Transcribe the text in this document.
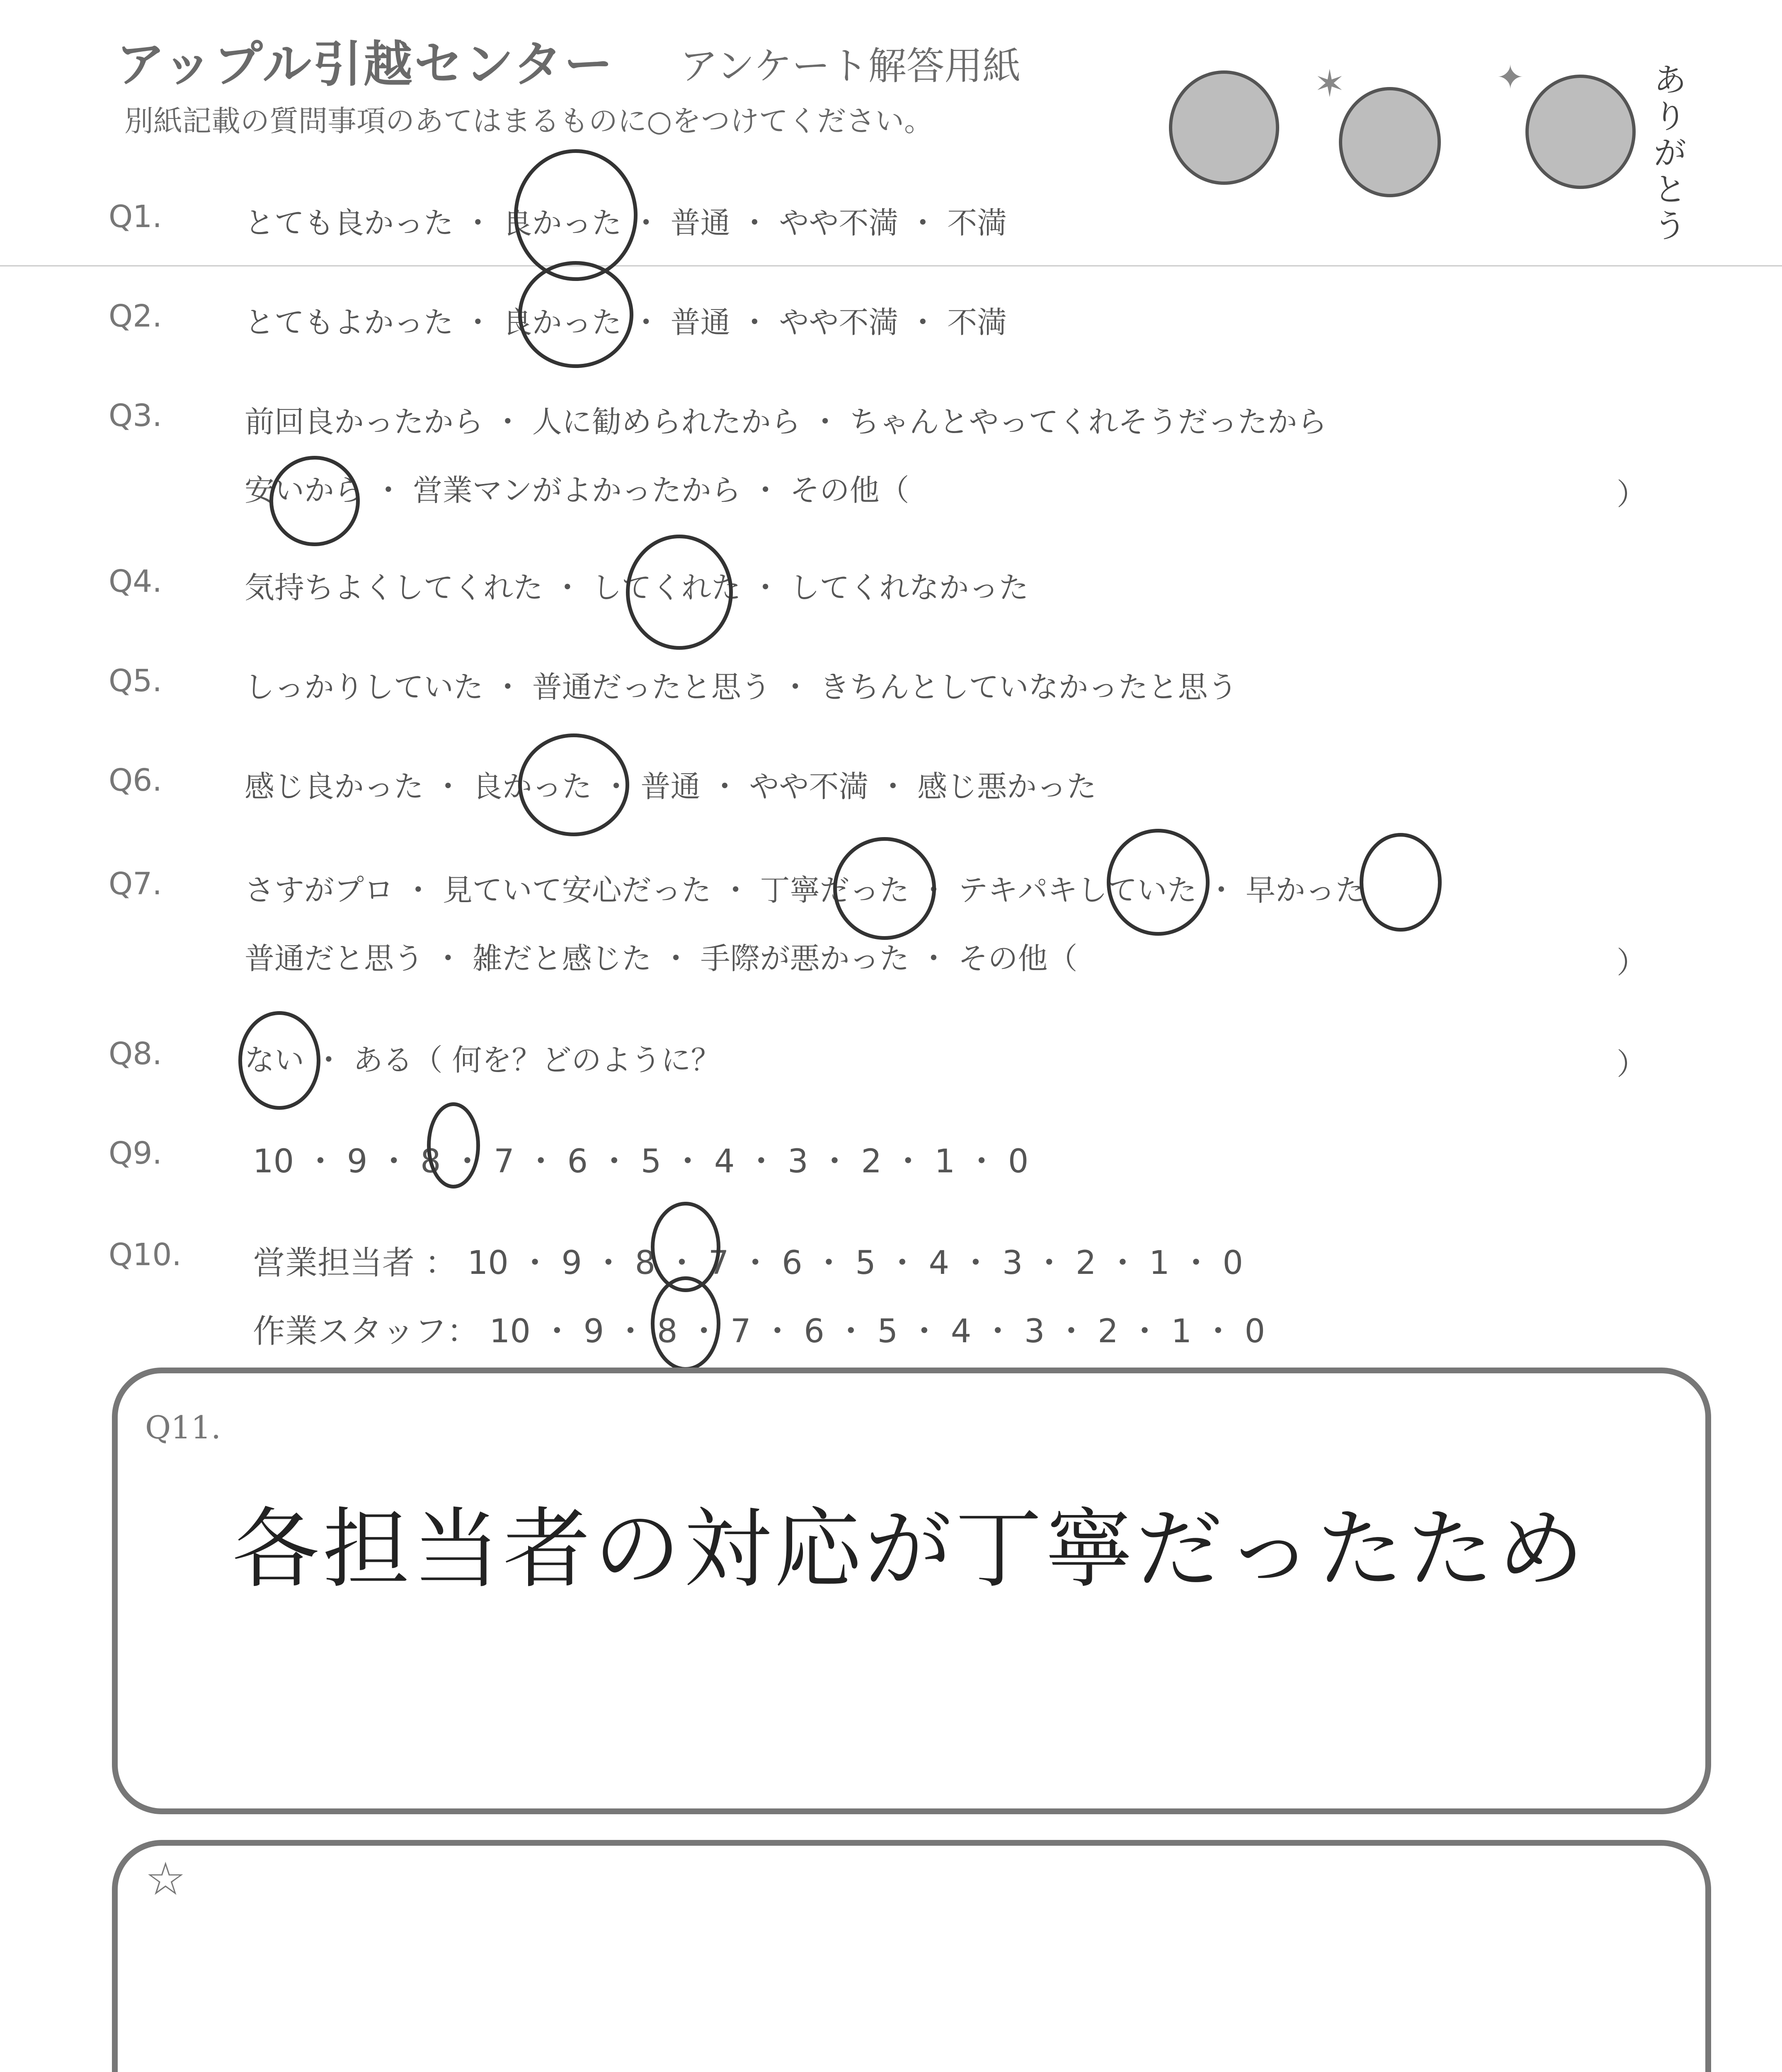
アップル引越センター アンケート解答用紙
別紙記載の質問事項のあてはまるものに○をつけてください。
✶	✦	ありがとう
Q1.	とても良かった ・ 良かった ・ 普通 ・ やや不満 ・ 不満
Q2.	とてもよかった ・ 良かった ・ 普通 ・ やや不満 ・ 不満
Q3.	前回良かったから ・ 人に勧められたから ・ ちゃんとやってくれそうだったから
安いから ・ 営業マンがよかったから ・ その他（	）
Q4.	気持ちよくしてくれた ・ してくれた ・ してくれなかった
Q5.	しっかりしていた ・ 普通だったと思う ・ きちんとしていなかったと思う
Q6.	感じ良かった ・ 良かった ・ 普通 ・ やや不満 ・ 感じ悪かった
Q7.	さすがプロ ・ 見ていて安心だった ・ 丁寧だった ・ テキパキしていた ・ 早かった
普通だと思う ・ 雑だと感じた ・ 手際が悪かった ・ その他（	）
Q8.	ない ・ ある（ 何を？どのように？	）
Q9.	10 ・ 9 ・ 8 ・ 7 ・ 6 ・ 5 ・ 4 ・ 3 ・ 2 ・ 1 ・ 0
Q10. 営業担当者 ： 10 ・ 9 ・ 8 ・ 7 ・ 6 ・ 5 ・ 4 ・ 3 ・ 2 ・ 1 ・ 0
作業スタッフ： 10 ・ 9 ・ 8 ・ 7 ・ 6 ・ 5 ・ 4 ・ 3 ・ 2 ・ 1 ・ 0
Q11.
各担当者の対応が丁寧だったため
☆
